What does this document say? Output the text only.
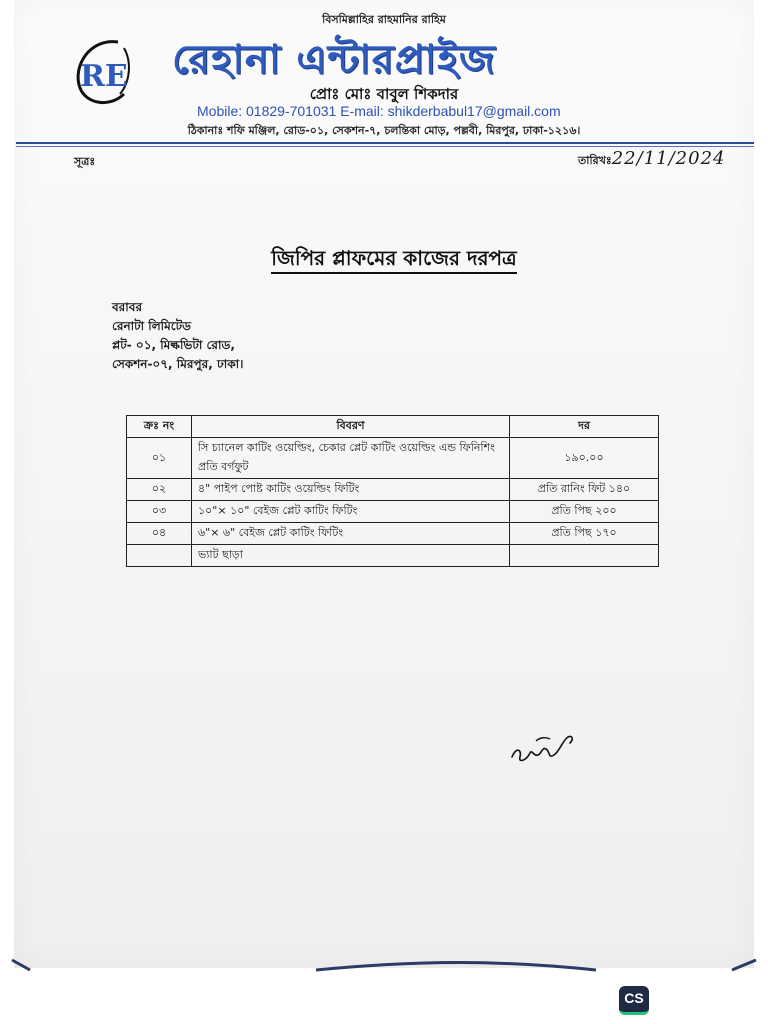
বিসমিল্লাহির রাহমানির রাহিম
RE রেহানা এন্টারপ্রাইজ
প্রোঃ মোঃ বাবুল শিকদার
Mobile: 01829-701031 E-mail: shikderbabul17@gmail.com
ঠিকানাঃ শফি মঞ্জিল, রোড-০১, সেকশন-৭, চলন্তিকা মোড়, পল্লবী, মিরপুর, ঢাকা-১২১৬।
সূত্রঃ	তারিখঃ22/11/2024
জিপির প্লাফমের কাজের দরপত্র
বরাবর
রেনাটা লিমিটেড
প্লট- ০১, মিল্কভিটা রোড,
সেকশন-০৭, মিরপুর, ঢাকা।
ক্রঃ নং	বিবরণ	দর
০১	সি চ্যানেল কাটিং ওয়েল্ডিং, চেকার প্লেট কাটিং ওয়েল্ডিং এন্ড ফিনিশিং প্রতি বর্গফুট	১৯০.০০
০২	৪" পাইপ পোষ্ট কাটিং ওয়েল্ডিং ফিটিং	প্রতি রানিং ফিট ১৪০
০৩	১০"× ১০" বেইজ প্লেট কাটিং ফিটিং	প্রতি পিছ ২০০
০৪	৬"× ৬" বেইজ প্লেট কাটিং ফিটিং	প্রতি পিছ ১৭০
	ভ্যাট ছাড়া	
CS
